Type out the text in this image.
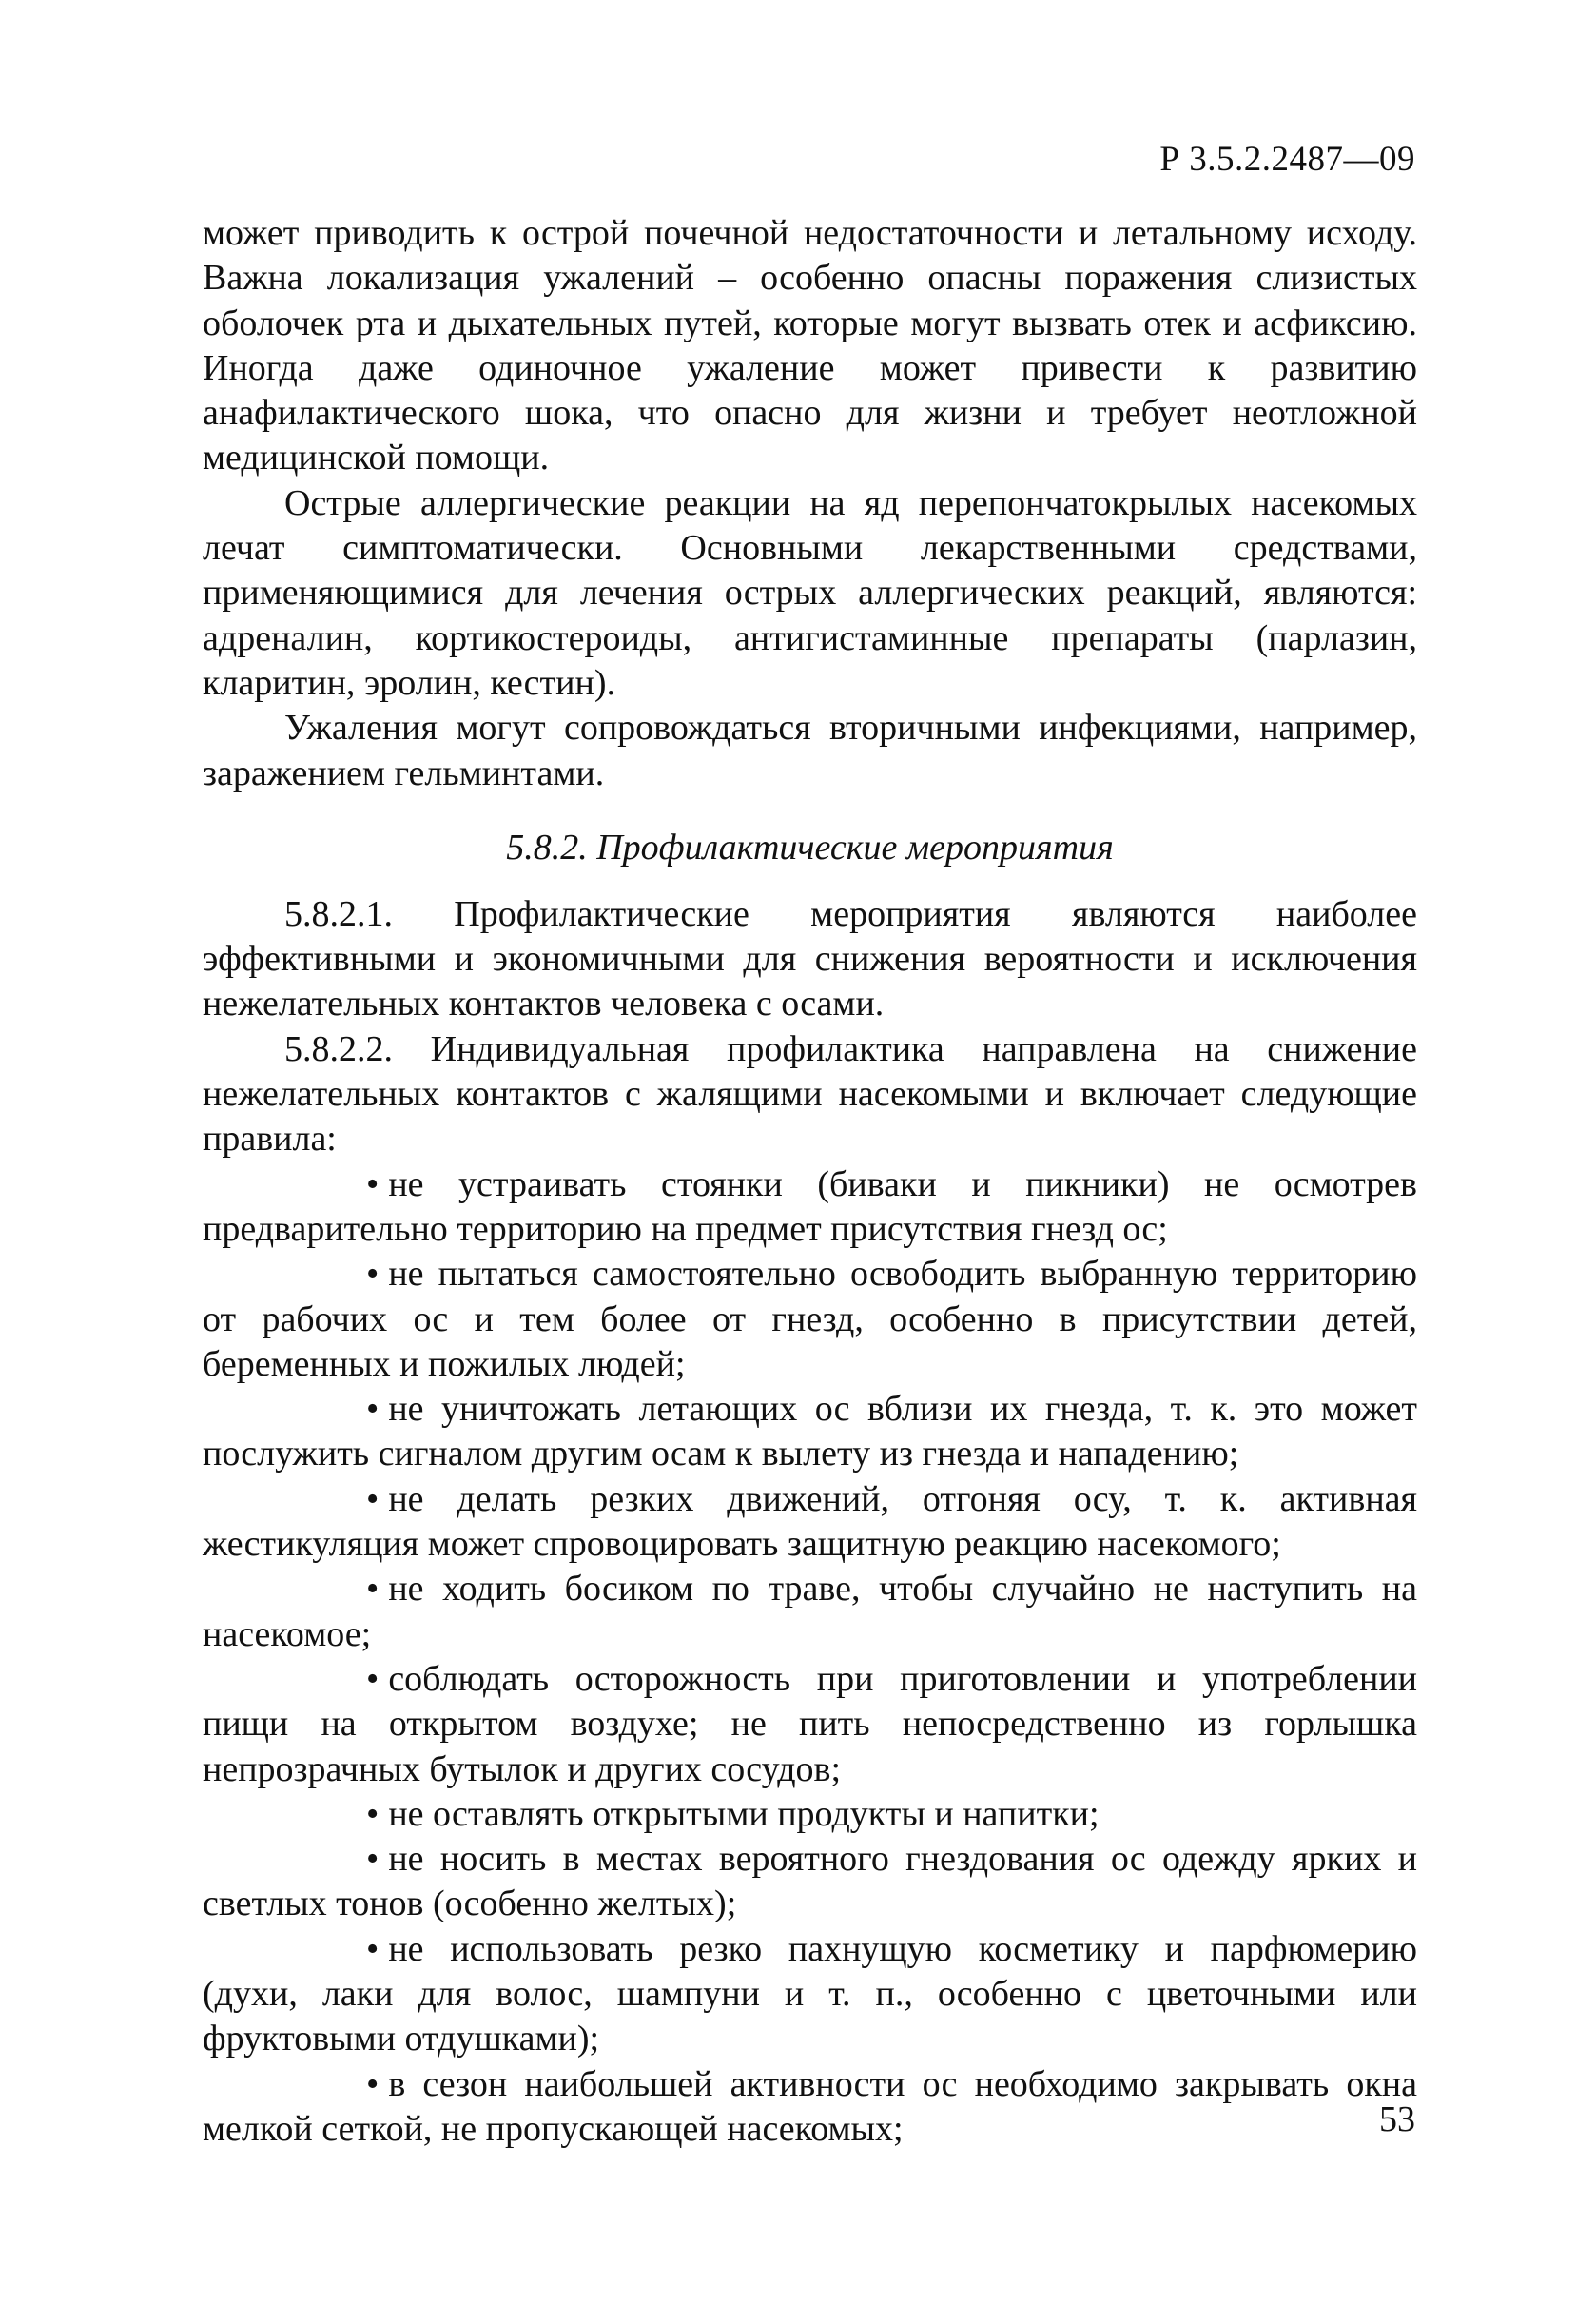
Р 3.5.2.2487—09

может приводить к острой почечной недостаточности и летальному исходу. Важна локализация ужалений – особенно опасны поражения слизистых оболочек рта и дыхательных путей, которые могут вызвать отек и асфиксию. Иногда даже одиночное ужаление может привести к развитию анафилактического шока, что опасно для жизни и требует неотложной медицинской помощи.

Острые аллергические реакции на яд перепончатокрылых насекомых лечат симптоматически. Основными лекарственными средствами, применяющимися для лечения острых аллергических реакций, являются: адреналин, кортикостероиды, антигистаминные препараты (парлазин, кларитин, эролин, кестин).

Ужаления могут сопровождаться вторичными инфекциями, например, заражением гельминтами.

5.8.2. Профилактические мероприятия

5.8.2.1. Профилактические мероприятия являются наиболее эффективными и экономичными для снижения вероятности и исключения нежелательных контактов человека с осами.

5.8.2.2. Индивидуальная профилактика направлена на снижение нежелательных контактов с жалящими насекомыми и включает следующие правила:

• не устраивать стоянки (биваки и пикники) не осмотрев предварительно территорию на предмет присутствия гнезд ос;

• не пытаться самостоятельно освободить выбранную территорию от рабочих ос и тем более от гнезд, особенно в присутствии детей, беременных и пожилых людей;

• не уничтожать летающих ос вблизи их гнезда, т. к. это может послужить сигналом другим осам к вылету из гнезда и нападению;

• не делать резких движений, отгоняя осу, т. к. активная жестикуляция может спровоцировать защитную реакцию насекомого;

• не ходить босиком по траве, чтобы случайно не наступить на насекомое;

• соблюдать осторожность при приготовлении и употреблении пищи на открытом воздухе; не пить непосредственно из горлышка непрозрачных бутылок и других сосудов;

• не оставлять открытыми продукты и напитки;

• не носить в местах вероятного гнездования ос одежду ярких и светлых тонов (особенно желтых);

• не использовать резко пахнущую косметику и парфюмерию (духи, лаки для волос, шампуни и т. п., особенно с цветочными или фруктовыми отдушками);

• в сезон наибольшей активности ос необходимо закрывать окна мелкой сеткой, не пропускающей насекомых;	53
